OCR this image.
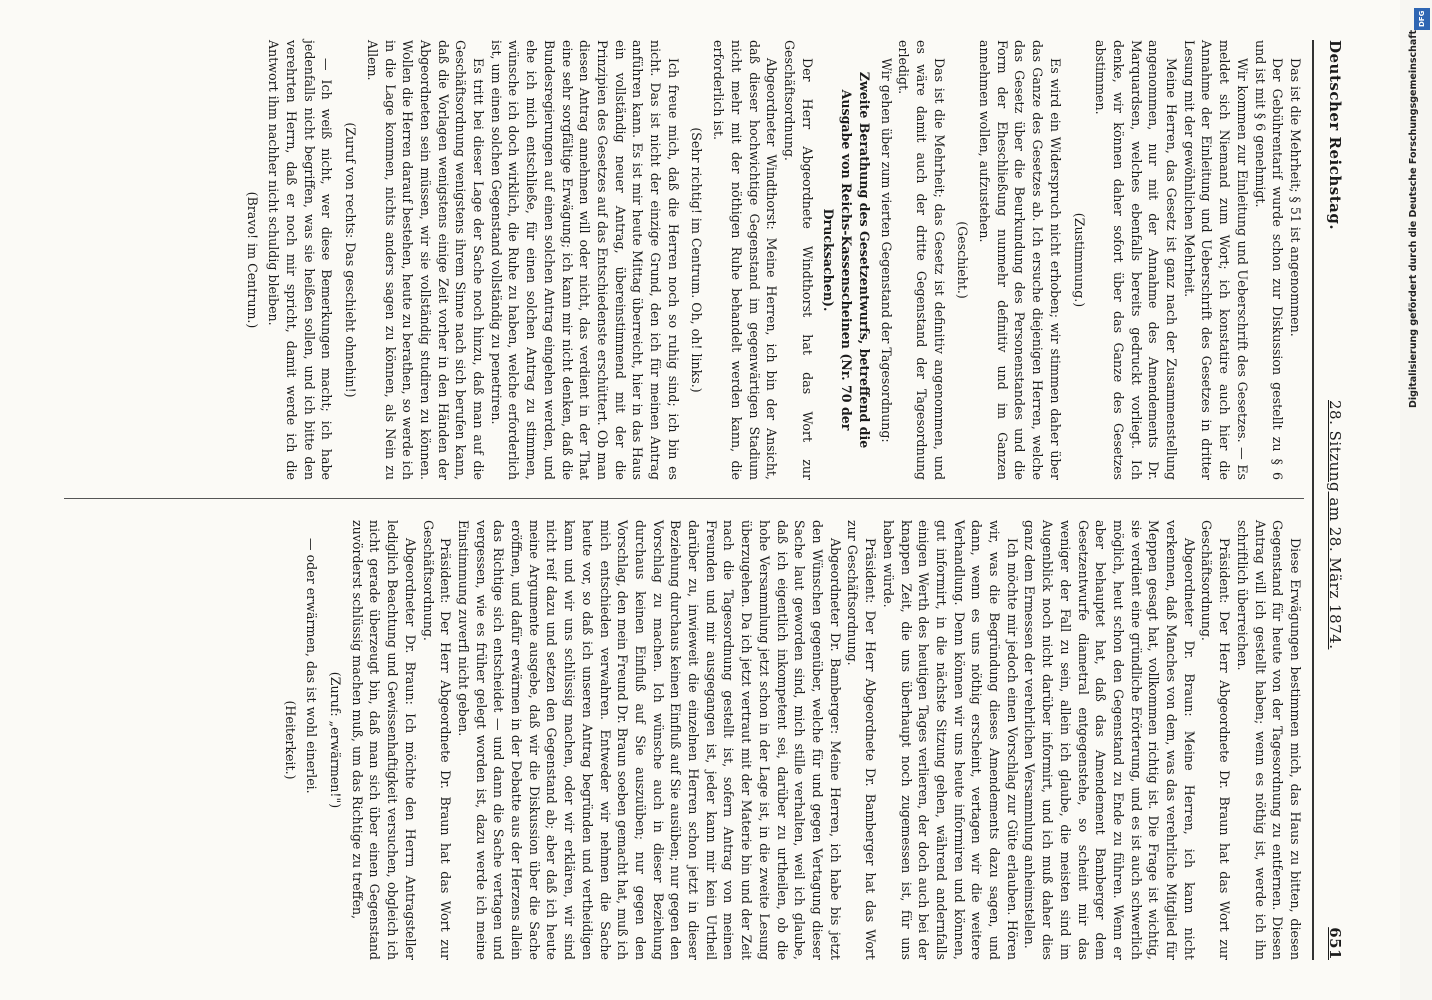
Deutscher Reichstag.
28. Sitzung am 28. März 1874.
651

Das ist die Mehrheit; § 51 ist angenommen.

Der Gebührentarif wurde schon zur Diskussion gestellt zu § 6 und ist mit § 6 genehmigt.

Wir kommen zur Einleitung und Ueberschrift des Gesetzes. — Es meldet sich Niemand zum Wort; ich konstatire auch hier die Annahme der Einleitung und Ueberschrift des Gesetzes in dritter Lesung mit der gewöhnlichen Mehrheit.

Meine Herren, das Gesetz ist ganz nach der Zusammenstellung angenommen, nur mit der Annahme des Amendements Dr. Marquardsen, welches ebenfalls bereits gedruckt vorliegt. Ich denke, wir können daher sofort über das Ganze des Gesetzes abstimmen.

(Zustimmung.)

Es wird ein Widerspruch nicht erhoben; wir stimmen daher über das Ganze des Gesetzes ab. Ich ersuche diejenigen Herren, welche das Gesetz über die Beurkundung des Personenstandes und die Form der Eheschließung nunmehr definitiv und im Ganzen annehmen wollen, aufzustehen.

(Geschieht.)

Das ist die Mehrheit; das Gesetz ist definitiv angenommen, und es wäre damit auch der dritte Gegenstand der Tagesordnung erledigt.

Wir gehen über zum vierten Gegenstand der Tagesordnung:

Zweite Berathung des Gesetzentwurfs, betreffend die Ausgabe von Reichs-Kassenscheinen (Nr. 70 der Drucksachen).

Der Herr Abgeordnete Windthorst hat das Wort zur Geschäftsordnung.

Abgeordneter Windthorst: Meine Herren, ich bin der Ansicht, daß dieser hochwichtige Gegenstand im gegenwärtigen Stadium nicht mehr mit der nöthigen Ruhe behandelt werden kann, die erforderlich ist.

(Sehr richtig! im Centrum. Oh, oh! links.)

Ich freue mich, daß die Herren noch so ruhig sind; ich bin es nicht. Das ist nicht der einzige Grund, den ich für meinen Antrag anführen kann. Es ist mir heute Mittag überreicht, hier in das Haus ein vollständig neuer Antrag, übereinstimmend mit der die Prinzipien des Gesetzes auf das Entschiedenste erschüttert. Ob man diesen Antrag annehmen will oder nicht, das verdient in der That eine sehr sorgfältige Erwägung; ich kann mir nicht denken, daß die Bundesregierungen auf einen solchen Antrag eingehen werden, und ehe ich mich entschließe, für einen solchen Antrag zu stimmen, wünsche ich doch wirklich, die Ruhe zu haben, welche erforderlich ist, um einen solchen Gegenstand vollständig zu penetriren.

Es tritt bei dieser Lage der Sache noch hinzu, daß man auf die Geschäftsordnung wenigstens ihrem Sinne nach sich berufen kann, daß die Vorlagen wenigstens einige Zeit vorher in den Händen der Abgeordneten sein müssen, wir sie vollständig studiren zu können. Wollen die Herren darauf bestehen, heute zu berathen, so werde ich in die Lage kommen, nichts anders sagen zu können, als Nein zu Allem.

(Zuruf von rechts: Das geschieht ohnehin!)

— Ich weiß nicht, wer diese Bemerkungen macht; ich habe jedenfalls nicht begriffen, was sie heißen sollen, und ich bitte den verehrten Herrn, daß er noch mir spricht, damit werde ich die Antwort ihm nachher nicht schuldig bleiben.

(Bravo! im Centrum.)

Diese Erwägungen bestimmen mich, das Haus zu bitten, diesen Gegenstand für heute von der Tagesordnung zu entfernen. Diesen Antrag will ich gestellt haben; wenn es nöthig ist, werde ich ihn schriftlich überreichen.

Präsident: Der Herr Abgeordnete Dr. Braun hat das Wort zur Geschäftsordnung.

Abgeordneter Dr. Braun: Meine Herren, ich kann nicht verkennen, daß Manches von dem, was das verehrliche Mitglied für Meppen gesagt hat, vollkommen richtig ist. Die Frage ist wichtig, sie verdient eine gründliche Erörterung, und es ist auch schwerlich möglich, heut schon den Gegenstand zu Ende zu führen. Wenn er aber behauptet hat, daß das Amendement Bamberger dem Gesetzentwurfe diametral entgegenstehe, so scheint mir das weniger der Fall zu sein, allein ich glaube, die meisten sind im Augenblick noch nicht darüber informirt, und ich muß daher dies ganz dem Ermessen der verehrlichen Versammlung anheimstellen.

Ich möchte mir jedoch einen Vorschlag zur Güte erlauben. Hören wir, was die Begründung dieses Amendements dazu sagen, und dann, wenn es uns nöthig erscheint, vertagen wir die weitere Verhandlung. Denn können wir uns heute informiren und können, gut informirt, in die nächste Sitzung gehen, während andernfalls einigen Werth des heutigen Tages verlieren, der doch auch bei der knappen Zeit, die uns überhaupt noch zugemessen ist, für uns haben würde.

Präsident: Der Herr Abgeordnete Dr. Bamberger hat das Wort zur Geschäftsordnung.

Abgeordneter Dr. Bamberger: Meine Herren, ich habe bis jetzt den Wünschen gegenüber, welche für und gegen Vertagung dieser Sache laut geworden sind, mich stille verhalten, weil ich glaube, daß ich eigentlich inkompetent sei, darüber zu urtheilen, ob die hohe Versammlung jetzt schon in der Lage ist, in die zweite Lesung überzugehen. Da ich jetzt vertraut mit der Materie bin und der Zeit nach die Tagesordnung gestellt ist, sofern Antrag von meinen Freunden und mir ausgegangen ist, jeder kann mir kein Urtheil darüber zu, inwieweit die einzelnen Herren schon jetzt in dieser Beziehung durchaus keinen Einfluß auf Sie ausüben; nur gegen den Vorschlag zu machen. Ich wünsche auch in dieser Beziehung durchaus keinen Einfluß auf Sie auszuüben; nur gegen den Vorschlag, den mein Freund Dr. Braun soeben gemacht hat, muß ich mich entschieden verwahren. Entweder wir nehmen die Sache heute vor, so daß ich unseren Antrag begründen und vertheidigen kann und wir uns schlüssig machen, oder wir erklären, wir sind nicht reif dazu und setzen den Gegenstand ab; aber daß ich heute meine Argumente ausgebe, daß wir die Diskussion über die Sache eröffnen, und dafür erwärmen in der Debatte aus der Herzens allein das Richtige sich entscheidet — und dann die Sache vertagen und vergessen, wie es früher gelegt worden ist, dazu werde ich meine Einstimmung zuverfl nicht geben.

Präsident: Der Herr Abgeordnete Dr. Braun hat das Wort zur Geschäftsordnung.

Abgeordneter Dr. Braun: Ich möchte den Herrn Antragsteller lediglich Beachtung und Gewissenhaftigkeit versuchen, obgleich ich nicht gerade überzeugt bin, daß man sich über einen Gegenstand zuvörderst schlüssig machen muß, um das Richtige zu treffen,

(Zuruf: „erwärmen!")

— oder erwärmen, das ist wohl einerlei.

(Heiterkeit.)

Digitalisierung gefördert durch die Deutsche Forschungsgemeinschaft
DFG
